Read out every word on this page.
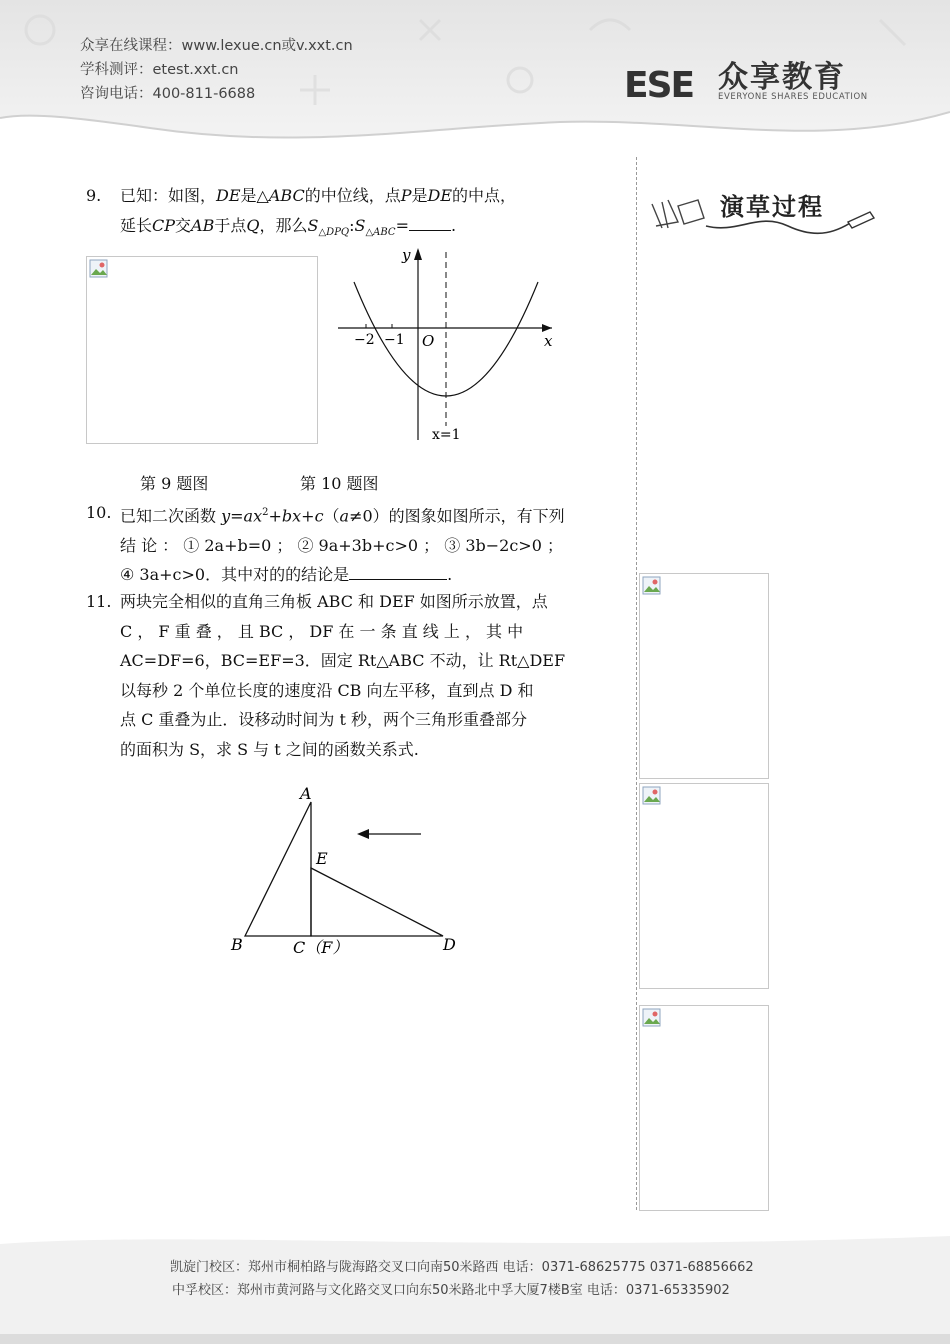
众享在线课程：www.lexue.cn或v.xxt.cn
学科测评：etest.xxt.cn
咨询电话：400-811-6688	ESE 众享教育
EVERYONE SHARES EDUCATION
演草过程
9. 已知：如图，DE是△ABC的中位线，点P是DE的中点，
延长CP交AB于点Q，那么$S_{\triangle DPQ}:S_{\triangle ABC}=$	.
y
x
O
−2 −1
x=1
第 9 题图	第 10 题图
10. 已知二次函数 $y=ax^2+bx+c(a\ne 0)$的图象如图所示，有下列
结 论 ： ① 2a+b=0 ； ② 9a+3b+c>0 ； ③ 3b−2c>0 ；
④ 3a+c>0．其中对的的结论是	.
11. 两块完全相似的直角三角板 ABC 和 DEF 如图所示放置，点
C ， F 重 叠 ， 且 BC ， DF 在 一 条 直 线 上 ， 其 中
AC=DF=6，BC=EF=3．固定 Rt△ABC 不动，让 Rt△DEF
以每秒 2 个单位长度的速度沿 CB 向左平移，直到点 D 和
点 C 重叠为止．设移动时间为 t 秒，两个三角形重叠部分
的面积为 S，求 S 与 t 之间的函数关系式.
A
B	C（F）	D
E
凯旋门校区：郑州市桐柏路与陇海路交叉口向南50米路西 电话：0371-68625775 0371-68856662
中孚校区：郑州市黄河路与文化路交叉口向东50米路北中孚大厦7楼B室 电话：0371-65335902
